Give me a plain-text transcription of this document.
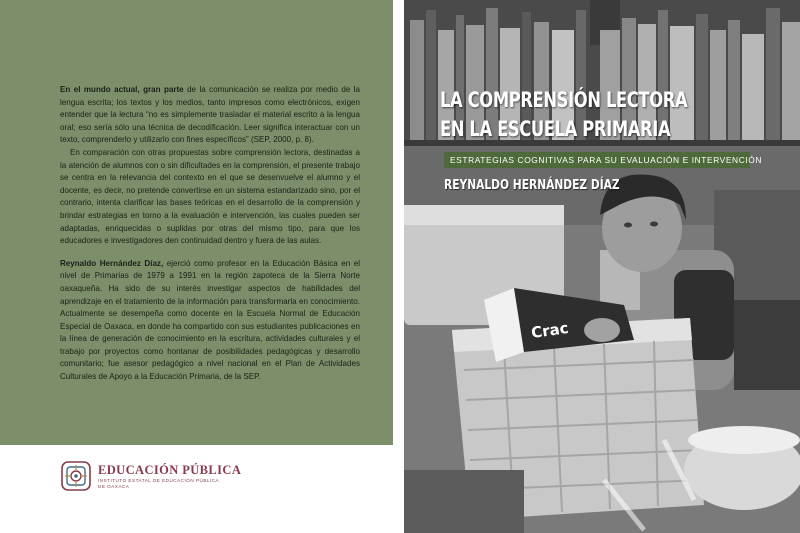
En el mundo actual, gran parte de la comunicación se realiza por medio de la lengua escrita; los textos y los medios, tanto impresos como electrónicos, exigen entender que la lectura “no es simplemente trasladar el material escrito a la lengua oral; eso sería sólo una técnica de decodificación. Leer significa interactuar con un texto, comprenderlo y utilizarlo con fines específicos” (SEP, 2000, p. 8).

En comparación con otras propuestas sobre comprensión lectora, destinadas a la atención de alumnos con o sin dificultades en la comprensión, el presente trabajo se centra en la relevancia del contexto en el que se desenvuelve el alumno y el docente, es decir, no pretende convertirse en un sistema estandarizado sino, por el contrario, intenta clarificar las bases teóricas en el desarrollo de la comprensión y brindar estrategias en torno a la evaluación e intervención, las cuales pueden ser adaptadas, enriquecidas o suplidas por otras del mismo tipo, para que los educadores e investigadores den continuidad dentro y fuera de las aulas.

Reynaldo Hernández Díaz, ejerció como profesor en la Educación Básica en el nivel de Primarias de 1979 a 1991 en la región zapoteca de la Sierra Norte oaxaqueña. Ha sido de su interés investigar aspectos de habilidades del aprendizaje en el tratamiento de la información para transformarla en conocimiento. Actualmente se desempeña como docente en la Escuela Normal de Educación Especial de Oaxaca, en donde ha compartido con sus estudiantes publicaciones en la línea de generación de conocimiento en la escritura, actividades culturales y el trabajo por proyectos como hontanar de posibilidades pedagógicas y desarrollo comunitario; fue asesor pedagógico a nivel nacional en el Plan de Actividades Culturales de Apoyo a la Educación Primaria, de la SEP.

EDUCACIÓN PÚBLICA
INSTITUTO ESTATAL DE EDUCACIÓN PÚBLICA
DE OAXACA
Crac
LA COMPRENSIÓN LECTORA
EN LA ESCUELA PRIMARIA
ESTRATEGIAS COGNITIVAS PARA SU EVALUACIÓN E INTERVENCIÓN
REYNALDO HERNÁNDEZ DÍAZ
